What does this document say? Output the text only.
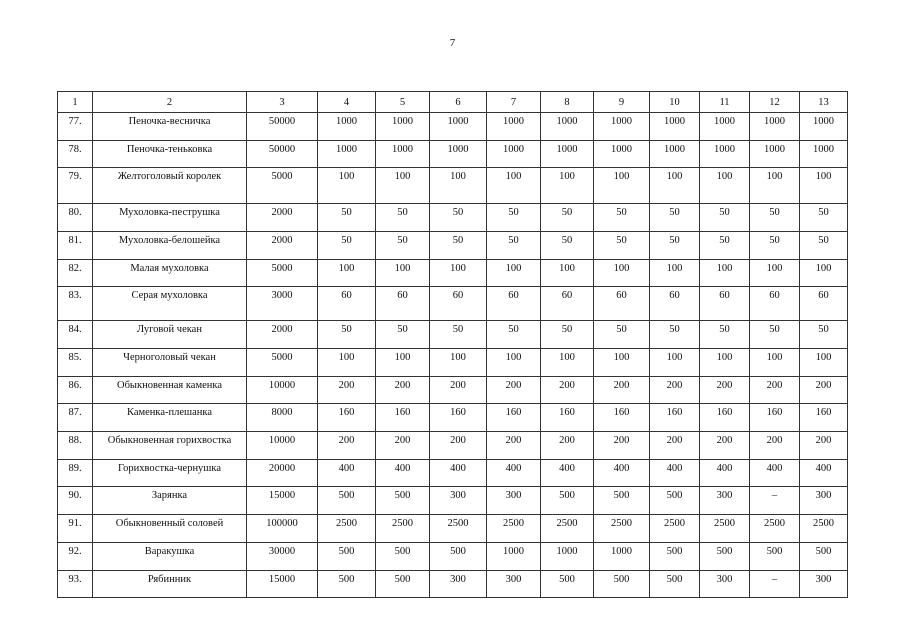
7
1	2	3	4	5	6	7	8	9	10	11	12	13
77.	Пеночка-весничка	50000	1000	1000	1000	1000	1000	1000	1000	1000	1000	1000
78.	Пеночка-теньковка	50000	1000	1000	1000	1000	1000	1000	1000	1000	1000	1000
79.	Желтоголовый королек	5000	100	100	100	100	100	100	100	100	100	100
80.	Мухоловка-пеструшка	2000	50	50	50	50	50	50	50	50	50	50
81.	Мухоловка-белошейка	2000	50	50	50	50	50	50	50	50	50	50
82.	Малая мухоловка	5000	100	100	100	100	100	100	100	100	100	100
83.	Серая мухоловка	3000	60	60	60	60	60	60	60	60	60	60
84.	Луговой чекан	2000	50	50	50	50	50	50	50	50	50	50
85.	Черноголовый чекан	5000	100	100	100	100	100	100	100	100	100	100
86.	Обыкновенная каменка	10000	200	200	200	200	200	200	200	200	200	200
87.	Каменка-плешанка	8000	160	160	160	160	160	160	160	160	160	160
88.	Обыкновенная горихвостка	10000	200	200	200	200	200	200	200	200	200	200
89.	Горихвостка-чернушка	20000	400	400	400	400	400	400	400	400	400	400
90.	Зарянка	15000	500	500	300	300	500	500	500	300	–	300
91.	Обыкновенный соловей	100000	2500	2500	2500	2500	2500	2500	2500	2500	2500	2500
92.	Варакушка	30000	500	500	500	1000	1000	1000	500	500	500	500
93.	Рябинник	15000	500	500	300	300	500	500	500	300	–	300
